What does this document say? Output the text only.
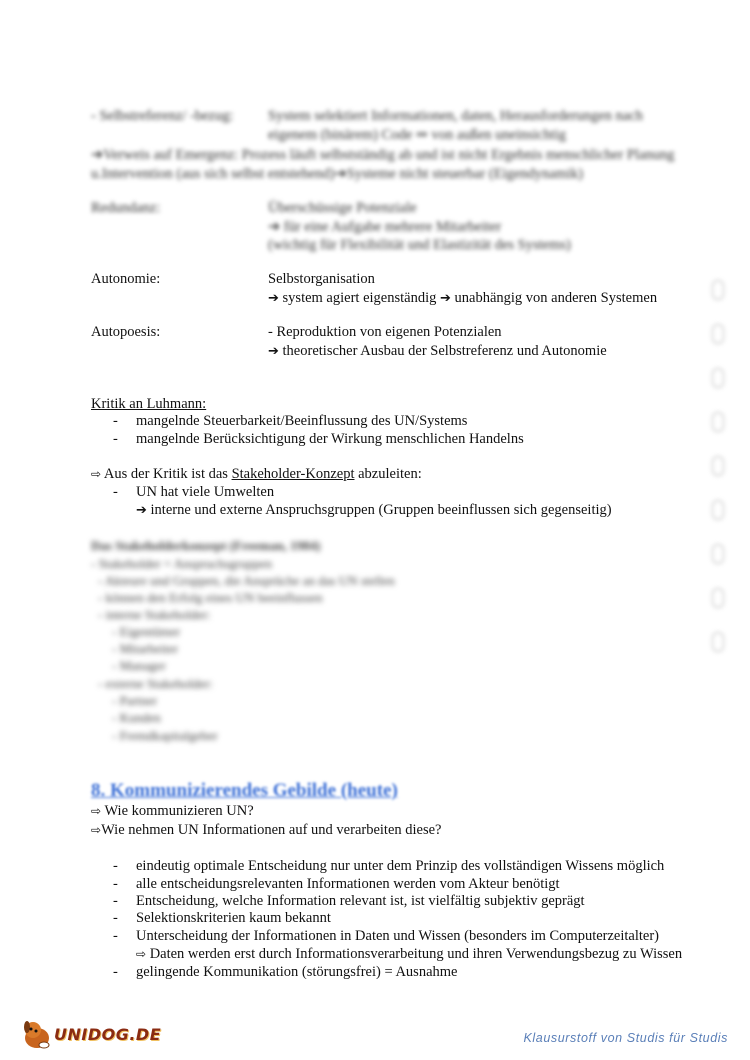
- Selbstreferenz/ -bezug: System selektiert Informationen, daten, Herausforderungen nach
eigenem (binärem) Code ⇒ von außen uneinsichtig
➔Verweis auf Emergenz: Prozess läuft selbstständig ab und ist nicht Ergebnis menschlicher Planung
u.Intervention (aus sich selbst entstehend)➔Systeme nicht steuerbar (Eigendynamik)
Redundanz:	Überschüssige Potenziale
➔ für eine Aufgabe mehrere Mitarbeiter
(wichtig für Flexibilität und Elastizität des Systems)
Autonomie:	Selbstorganisation
➔ system agiert eigenständig ➔ unabhängig von anderen Systemen
Autopoesis:	- Reproduktion von eigenen Potenzialen
➔ theoretischer Ausbau der Selbstreferenz und Autonomie
Kritik an Luhmann:
- mangelnde Steuerbarkeit/Beeinflussung des UN/Systems
- mangelnde Berücksichtigung der Wirkung menschlichen Handelns
⇨ Aus der Kritik ist das Stakeholder-Konzept abzuleiten:
- UN hat viele Umwelten
➔ interne und externe Anspruchsgruppen (Gruppen beeinflussen sich gegenseitig)
Das Stakeholderkonzept (Freeman, 1984)
- Stakeholder = Anspruchsgruppen
- Akteure und Gruppen, die Ansprüche an das UN stellen
- können den Erfolg eines UN beeinflussen
- interne Stakeholder:
- Eigentümer
- Mitarbeiter
- Manager
- externe Stakeholder:
- Partner
- Kunden
- Fremdkapitalgeber
8. Kommunizierendes Gebilde (heute)
⇨ Wie kommunizieren UN?
⇨Wie nehmen UN Informationen auf und verarbeiten diese?
- eindeutig optimale Entscheidung nur unter dem Prinzip des vollständigen Wissens möglich
- alle entscheidungsrelevanten Informationen werden vom Akteur benötigt
- Entscheidung, welche Information relevant ist, ist vielfältig subjektiv geprägt
- Selektionskriterien kaum bekannt
- Unterscheidung der Informationen in Daten und Wissen (besonders im Computerzeitalter)
⇨ Daten werden erst durch Informationsverarbeitung und ihren Verwendungsbezug zu Wissen
- gelingende Kommunikation (störungsfrei) = Ausnahme
UNIDOG.DE	Klausurstoff von Studis für Studis
